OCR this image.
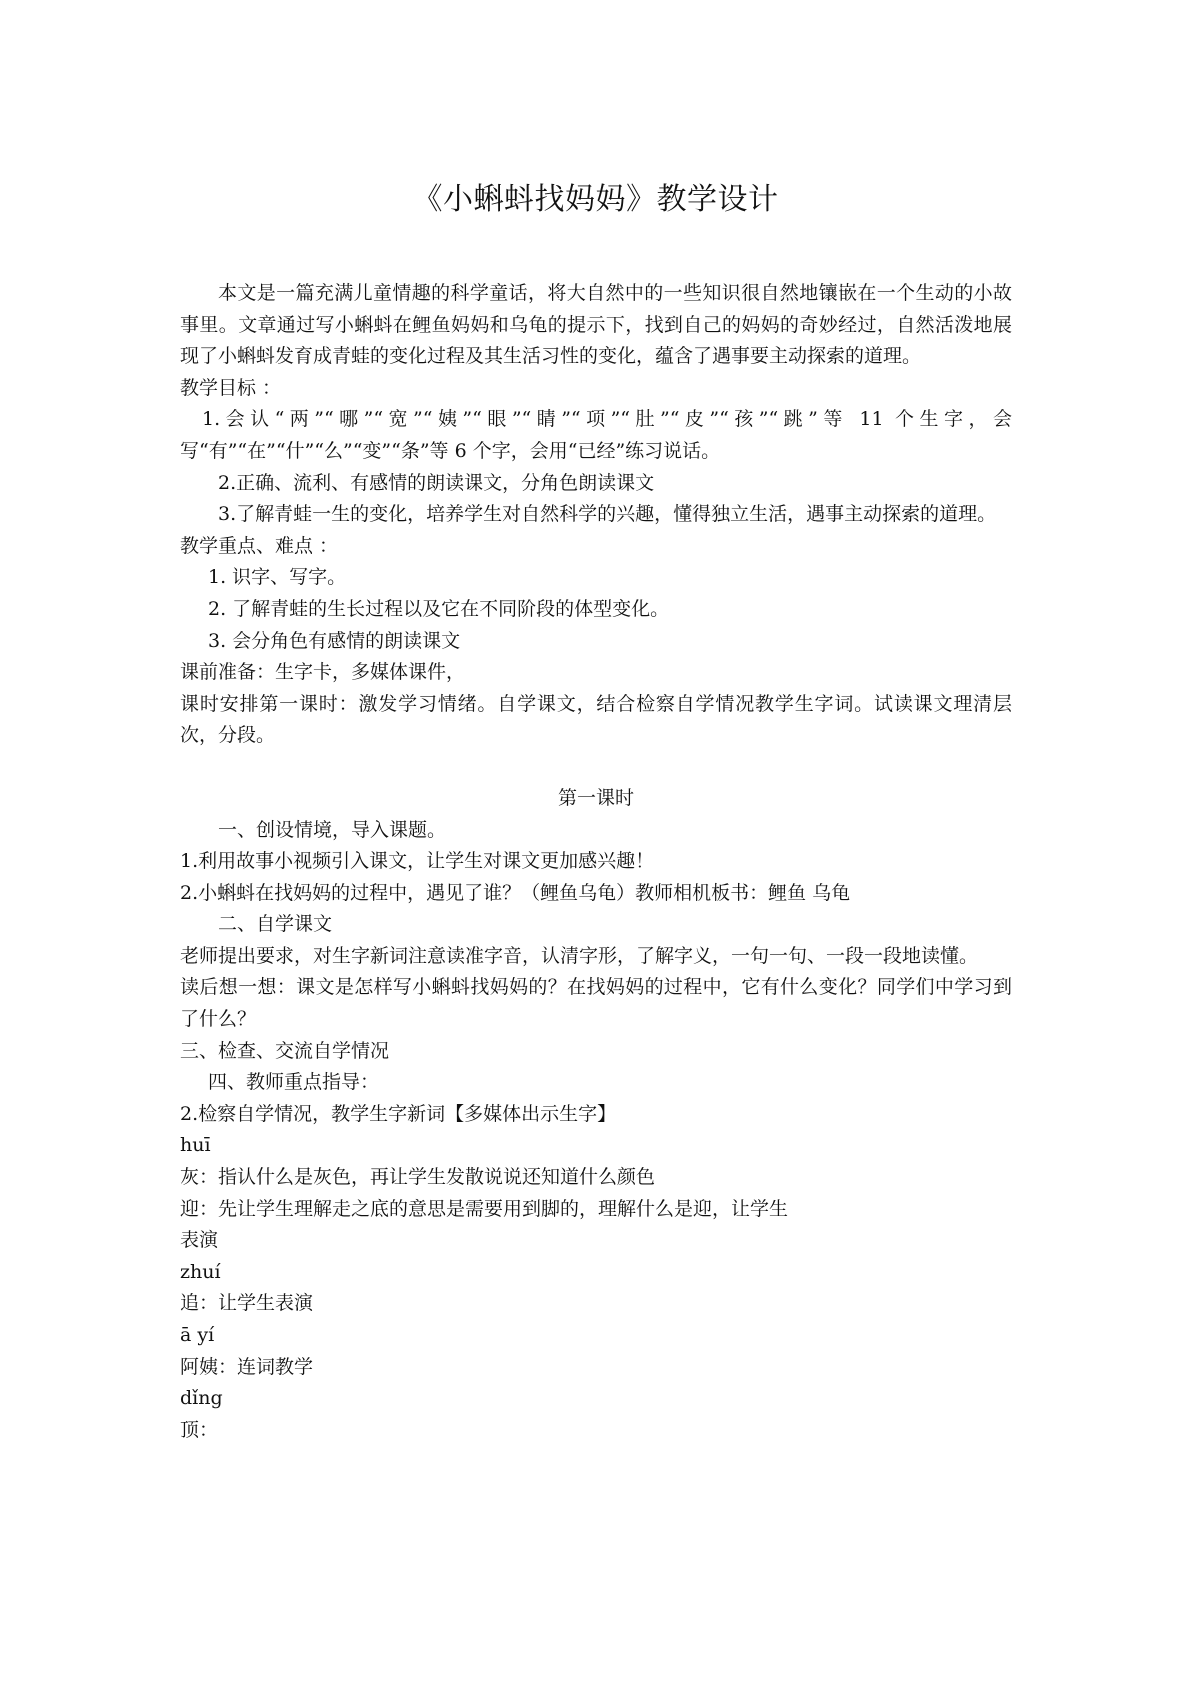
《小蝌蚪找妈妈》教学设计

本文是一篇充满儿童情趣的科学童话，将大自然中的一些知识很自然地镶嵌在一个生动的小故事里。文章通过写小蝌蚪在鲤鱼妈妈和乌龟的提示下，找到自己的妈妈的奇妙经过，自然活泼地展现了小蝌蚪发育成青蛙的变化过程及其生活习性的变化，蕴含了遇事要主动探索的道理。

教学目标 ：

1.会认“两”“哪”“宽”“姨”“眼”“睛”“项”“肚”“皮”“孩”“跳”等 11 个生字，会写“有”“在”“什”“么”“变”“条”等 6 个字，会用“已经”练习说话。

2.正确、流利、有感情的朗读课文，分角色朗读课文

3.了解青蛙一生的变化，培养学生对自然科学的兴趣，懂得独立生活，遇事主动探索的道理。

教学重点、难点 ：

1. 识字、写字。

2. 了解青蛙的生长过程以及它在不同阶段的体型变化。

3. 会分角色有感情的朗读课文

课前准备：生字卡，多媒体课件，

课时安排第一课时：激发学习情绪。自学课文，结合检察自学情况教学生字词。试读课文理清层次，分段。

第一课时

一、创设情境，导入课题。

1.利用故事小视频引入课文，让学生对课文更加感兴趣！

2.小蝌蚪在找妈妈的过程中，遇见了谁？（鲤鱼乌龟）教师相机板书：鲤鱼 乌龟

二、自学课文

老师提出要求，对生字新词注意读准字音，认清字形，了解字义，一句一句、一段一段地读懂。

读后想一想：课文是怎样写小蝌蚪找妈妈的？在找妈妈的过程中，它有什么变化？同学们中学习到了什么？

三、检查、交流自学情况

四、教师重点指导：

2.检察自学情况，教学生字新词【多媒体出示生字】

huī

灰：指认什么是灰色，再让学生发散说说还知道什么颜色

迎：先让学生理解走之底的意思是需要用到脚的，理解什么是迎，让学生

表演

zhuí

追：让学生表演

ā yí

阿姨：连词教学

dǐng

顶：
